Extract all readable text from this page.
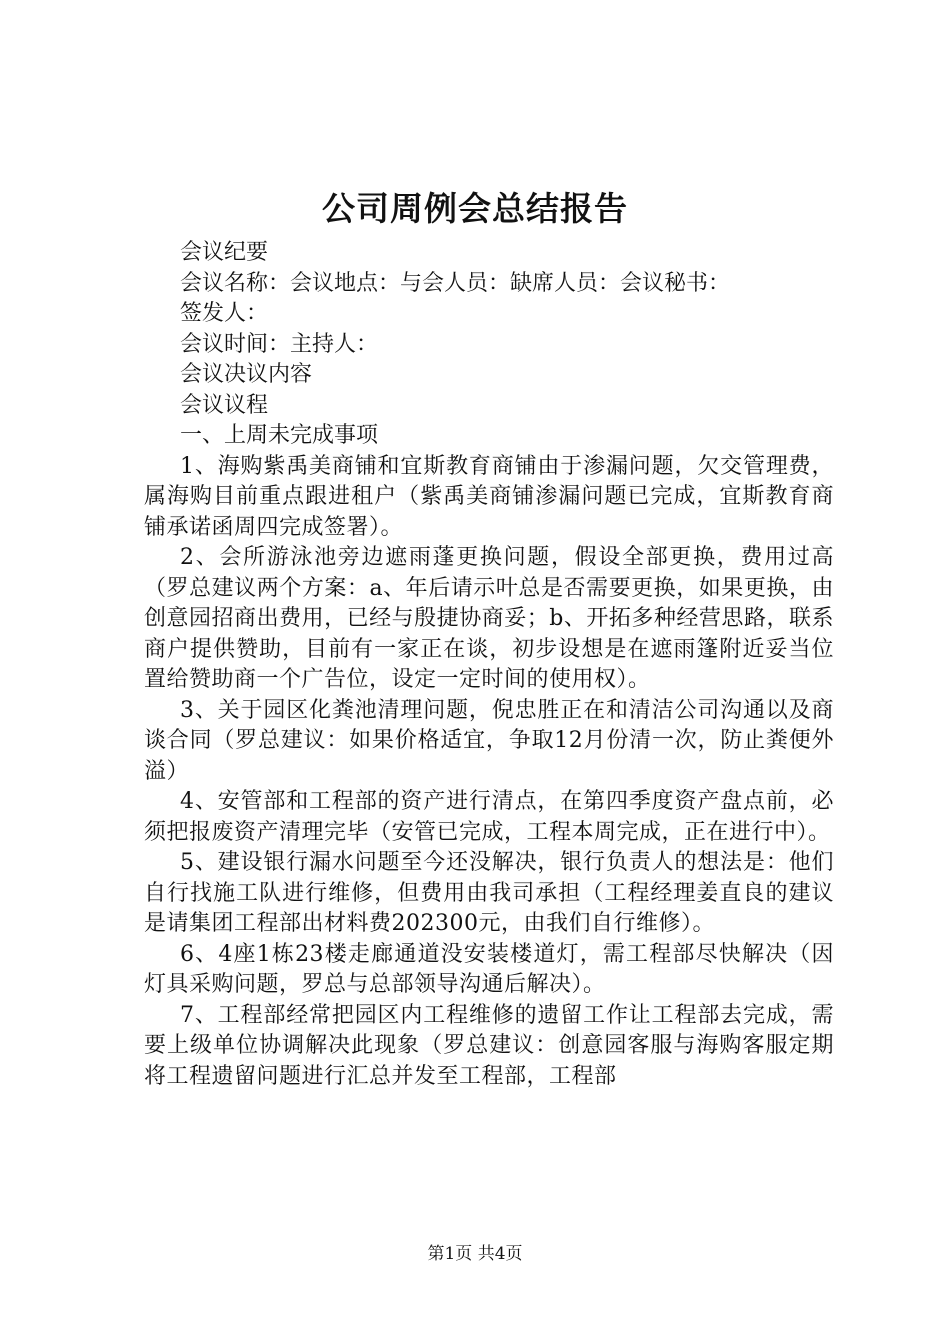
公司周例会总结报告

会议纪要

会议名称：会议地点：与会人员：缺席人员：会议秘书：

签发人：

会议时间：主持人：

会议决议内容

会议议程

一、上周未完成事项

1、海购紫禹美商铺和宜斯教育商铺由于渗漏问题，欠交管理费，属海购目前重点跟进租户（紫禹美商铺渗漏问题已完成，宜斯教育商铺承诺函周四完成签署）。

2、会所游泳池旁边遮雨蓬更换问题，假设全部更换，费用过高（罗总建议两个方案：a、年后请示叶总是否需要更换，如果更换，由创意园招商出费用，已经与殷捷协商妥；b、开拓多种经营思路，联系商户提供赞助，目前有一家正在谈，初步设想是在遮雨篷附近妥当位置给赞助商一个广告位，设定一定时间的使用权）。

3、关于园区化粪池清理问题，倪忠胜正在和清洁公司沟通以及商谈合同（罗总建议：如果价格适宜，争取12月份清一次，防止粪便外溢）

4、安管部和工程部的资产进行清点，在第四季度资产盘点前，必须把报废资产清理完毕（安管已完成，工程本周完成，正在进行中）。

5、建设银行漏水问题至今还没解决，银行负责人的想法是：他们自行找施工队进行维修，但费用由我司承担（工程经理姜直良的建议是请集团工程部出材料费202300元，由我们自行维修）。

6、4座1栋23楼走廊通道没安装楼道灯，需工程部尽快解决（因灯具采购问题，罗总与总部领导沟通后解决）。

7、工程部经常把园区内工程维修的遗留工作让工程部去完成，需要上级单位协调解决此现象（罗总建议：创意园客服与海购客服定期将工程遗留问题进行汇总并发至工程部，工程部

第1页 共4页
